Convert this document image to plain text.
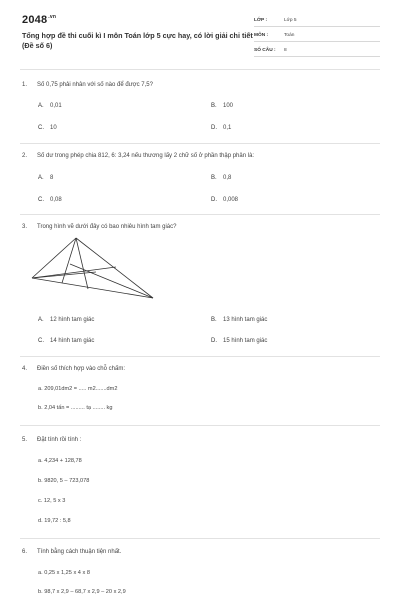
$2048^{.vn}$
Tổng hợp đề thi cuối kì I môn Toán lớp 5 cực hay, có lời giải chi tiết (Đề số 6)
LỚP :	Lớp 5
MÔN :	Toán
SỐ CÂU : 8
1. Số 0,75 phải nhân với số nào để được 7,5?
A. 0,01	B. 100
C. 10	D. 0,1
2. Số dư trong phép chia 812, 6: 3,24 nếu thương lấy 2 chữ số ở phần thập phân là:
A. 8	B. 0,8
C. 0,08	D. 0,008
3. Trong hình vẽ dưới đây có bao nhiêu hình tam giác?
A. 12 hình tam giác	B. 13 hình tam giác
C. 14 hình tam giác	D. 15 hình tam giác
4. Điền số thích hợp vào chỗ chấm:
a. 209,01dm2 = ..... m2.......dm2
b. 2,04 tấn = ......... tạ ........ kg
5. Đặt tính rồi tính :
a. 4,234 + 128,78
b. 9820, 5 – 723,078
c. 12, 5 x 3
d. 19,72 : 5,8
6. Tính bằng cách thuận tiện nhất.
a. 0,25 x 1,25 x 4 x 8
b. 98,7 x 2,9 – 68,7 x 2,9 – 20 x 2,9
